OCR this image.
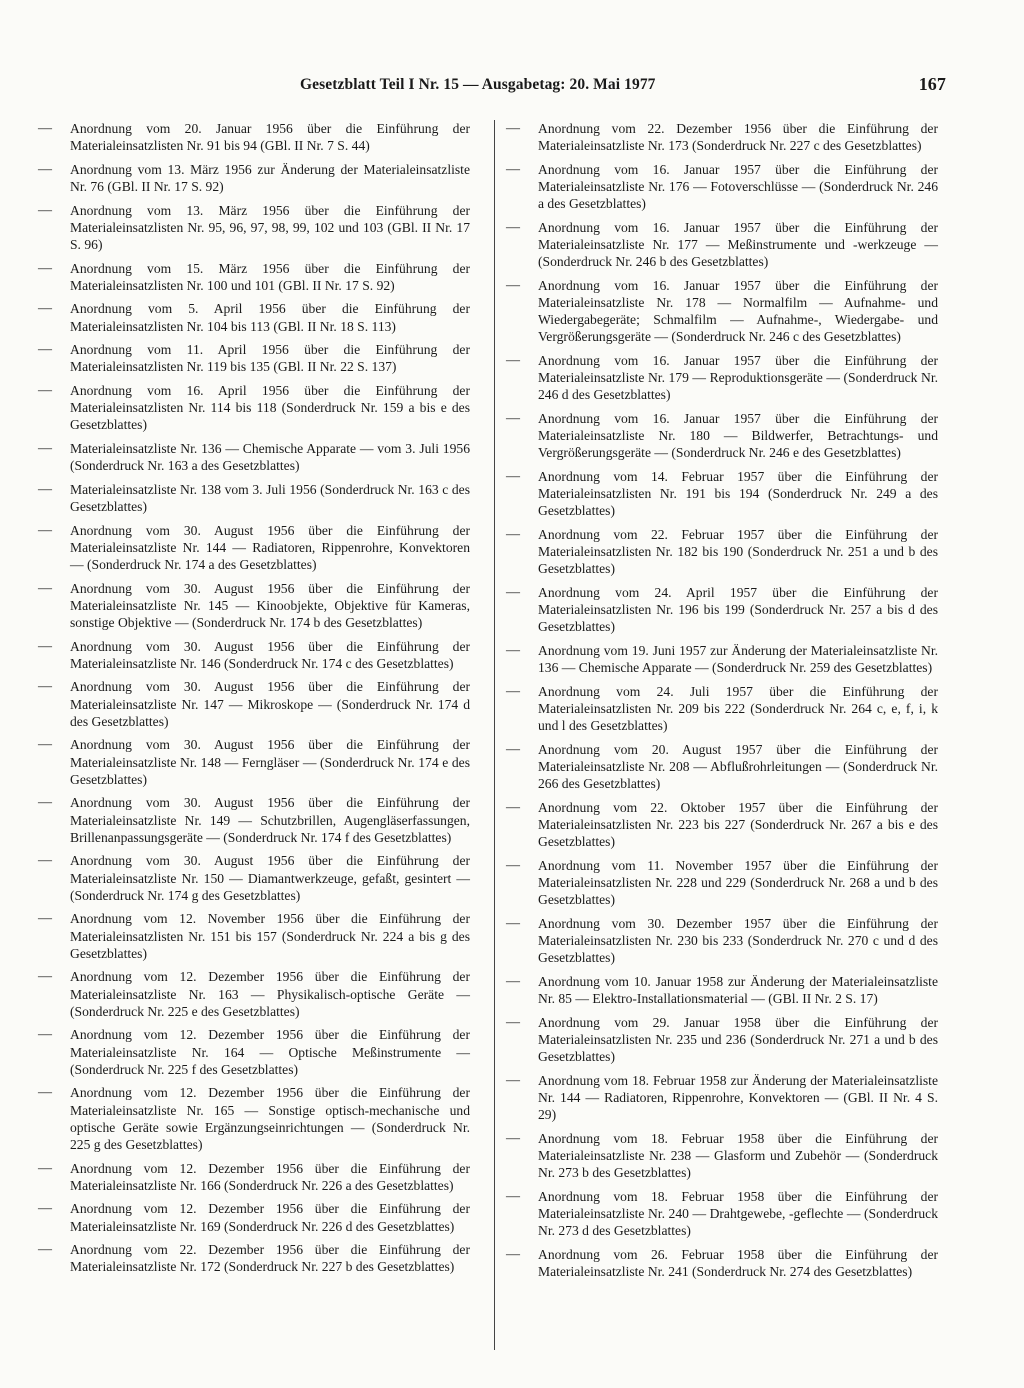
Gesetzblatt Teil I Nr. 15 — Ausgabetag: 20. Mai 1977	167
— Anordnung vom 20. Januar 1956 über die Einführung der Materialeinsatzlisten Nr. 91 bis 94 (GBl. II Nr. 7 S. 44)
— Anordnung vom 13. März 1956 zur Änderung der Materialeinsatzliste Nr. 76 (GBl. II Nr. 17 S. 92)
— Anordnung vom 13. März 1956 über die Einführung der Materialeinsatzlisten Nr. 95, 96, 97, 98, 99, 102 und 103 (GBl. II Nr. 17 S. 96)
— Anordnung vom 15. März 1956 über die Einführung der Materialeinsatzlisten Nr. 100 und 101 (GBl. II Nr. 17 S. 92)
— Anordnung vom 5. April 1956 über die Einführung der Materialeinsatzlisten Nr. 104 bis 113 (GBl. II Nr. 18 S. 113)
— Anordnung vom 11. April 1956 über die Einführung der Materialeinsatzlisten Nr. 119 bis 135 (GBl. II Nr. 22 S. 137)
— Anordnung vom 16. April 1956 über die Einführung der Materialeinsatzlisten Nr. 114 bis 118 (Sonderdruck Nr. 159 a bis e des Gesetzblattes)
— Materialeinsatzliste Nr. 136 — Chemische Apparate — vom 3. Juli 1956 (Sonderdruck Nr. 163 a des Gesetzblattes)
— Materialeinsatzliste Nr. 138 vom 3. Juli 1956 (Sonderdruck Nr. 163 c des Gesetzblattes)
— Anordnung vom 30. August 1956 über die Einführung der Materialeinsatzliste Nr. 144 — Radiatoren, Rippenrohre, Konvektoren — (Sonderdruck Nr. 174 a des Gesetzblattes)
— Anordnung vom 30. August 1956 über die Einführung der Materialeinsatzliste Nr. 145 — Kinoobjekte, Objektive für Kameras, sonstige Objektive — (Sonderdruck Nr. 174 b des Gesetzblattes)
— Anordnung vom 30. August 1956 über die Einführung der Materialeinsatzliste Nr. 146 (Sonderdruck Nr. 174 c des Gesetzblattes)
— Anordnung vom 30. August 1956 über die Einführung der Materialeinsatzliste Nr. 147 — Mikroskope — (Sonderdruck Nr. 174 d des Gesetzblattes)
— Anordnung vom 30. August 1956 über die Einführung der Materialeinsatzliste Nr. 148 — Ferngläser — (Sonderdruck Nr. 174 e des Gesetzblattes)
— Anordnung vom 30. August 1956 über die Einführung der Materialeinsatzliste Nr. 149 — Schutzbrillen, Augengläserfassungen, Brillenanpassungsgeräte — (Sonderdruck Nr. 174 f des Gesetzblattes)
— Anordnung vom 30. August 1956 über die Einführung der Materialeinsatzliste Nr. 150 — Diamantwerkzeuge, gefaßt, gesintert — (Sonderdruck Nr. 174 g des Gesetzblattes)
— Anordnung vom 12. November 1956 über die Einführung der Materialeinsatzlisten Nr. 151 bis 157 (Sonderdruck Nr. 224 a bis g des Gesetzblattes)
— Anordnung vom 12. Dezember 1956 über die Einführung der Materialeinsatzliste Nr. 163 — Physikalisch-optische Geräte — (Sonderdruck Nr. 225 e des Gesetzblattes)
— Anordnung vom 12. Dezember 1956 über die Einführung der Materialeinsatzliste Nr. 164 — Optische Meßinstrumente — (Sonderdruck Nr. 225 f des Gesetzblattes)
— Anordnung vom 12. Dezember 1956 über die Einführung der Materialeinsatzliste Nr. 165 — Sonstige optisch-mechanische und optische Geräte sowie Ergänzungseinrichtungen — (Sonderdruck Nr. 225 g des Gesetzblattes)
— Anordnung vom 12. Dezember 1956 über die Einführung der Materialeinsatzliste Nr. 166 (Sonderdruck Nr. 226 a des Gesetzblattes)
— Anordnung vom 12. Dezember 1956 über die Einführung der Materialeinsatzliste Nr. 169 (Sonderdruck Nr. 226 d des Gesetzblattes)
— Anordnung vom 22. Dezember 1956 über die Einführung der Materialeinsatzliste Nr. 172 (Sonderdruck Nr. 227 b des Gesetzblattes)
— Anordnung vom 22. Dezember 1956 über die Einführung der Materialeinsatzliste Nr. 173 (Sonderdruck Nr. 227 c des Gesetzblattes)
— Anordnung vom 16. Januar 1957 über die Einführung der Materialeinsatzliste Nr. 176 — Fotoverschlüsse — (Sonderdruck Nr. 246 a des Gesetzblattes)
— Anordnung vom 16. Januar 1957 über die Einführung der Materialeinsatzliste Nr. 177 — Meßinstrumente und -werkzeuge — (Sonderdruck Nr. 246 b des Gesetzblattes)
— Anordnung vom 16. Januar 1957 über die Einführung der Materialeinsatzliste Nr. 178 — Normalfilm — Aufnahme- und Wiedergabegeräte; Schmalfilm — Aufnahme-, Wiedergabe- und Vergrößerungsgeräte — (Sonderdruck Nr. 246 c des Gesetzblattes)
— Anordnung vom 16. Januar 1957 über die Einführung der Materialeinsatzliste Nr. 179 — Reproduktionsgeräte — (Sonderdruck Nr. 246 d des Gesetzblattes)
— Anordnung vom 16. Januar 1957 über die Einführung der Materialeinsatzliste Nr. 180 — Bildwerfer, Betrachtungs- und Vergrößerungsgeräte — (Sonderdruck Nr. 246 e des Gesetzblattes)
— Anordnung vom 14. Februar 1957 über die Einführung der Materialeinsatzlisten Nr. 191 bis 194 (Sonderdruck Nr. 249 a des Gesetzblattes)
— Anordnung vom 22. Februar 1957 über die Einführung der Materialeinsatzlisten Nr. 182 bis 190 (Sonderdruck Nr. 251 a und b des Gesetzblattes)
— Anordnung vom 24. April 1957 über die Einführung der Materialeinsatzlisten Nr. 196 bis 199 (Sonderdruck Nr. 257 a bis d des Gesetzblattes)
— Anordnung vom 19. Juni 1957 zur Änderung der Materialeinsatzliste Nr. 136 — Chemische Apparate — (Sonderdruck Nr. 259 des Gesetzblattes)
— Anordnung vom 24. Juli 1957 über die Einführung der Materialeinsatzlisten Nr. 209 bis 222 (Sonderdruck Nr. 264 c, e, f, i, k und l des Gesetzblattes)
— Anordnung vom 20. August 1957 über die Einführung der Materialeinsatzliste Nr. 208 — Abflußrohrleitungen — (Sonderdruck Nr. 266 des Gesetzblattes)
— Anordnung vom 22. Oktober 1957 über die Einführung der Materialeinsatzlisten Nr. 223 bis 227 (Sonderdruck Nr. 267 a bis e des Gesetzblattes)
— Anordnung vom 11. November 1957 über die Einführung der Materialeinsatzlisten Nr. 228 und 229 (Sonderdruck Nr. 268 a und b des Gesetzblattes)
— Anordnung vom 30. Dezember 1957 über die Einführung der Materialeinsatzlisten Nr. 230 bis 233 (Sonderdruck Nr. 270 c und d des Gesetzblattes)
— Anordnung vom 10. Januar 1958 zur Änderung der Materialeinsatzliste Nr. 85 — Elektro-Installationsmaterial — (GBl. II Nr. 2 S. 17)
— Anordnung vom 29. Januar 1958 über die Einführung der Materialeinsatzlisten Nr. 235 und 236 (Sonderdruck Nr. 271 a und b des Gesetzblattes)
— Anordnung vom 18. Februar 1958 zur Änderung der Materialeinsatzliste Nr. 144 — Radiatoren, Rippenrohre, Konvektoren — (GBl. II Nr. 4 S. 29)
— Anordnung vom 18. Februar 1958 über die Einführung der Materialeinsatzliste Nr. 238 — Glasform und Zubehör — (Sonderdruck Nr. 273 b des Gesetzblattes)
— Anordnung vom 18. Februar 1958 über die Einführung der Materialeinsatzliste Nr. 240 — Drahtgewebe, -geflechte — (Sonderdruck Nr. 273 d des Gesetzblattes)
— Anordnung vom 26. Februar 1958 über die Einführung der Materialeinsatzliste Nr. 241 (Sonderdruck Nr. 274 des Gesetzblattes)
